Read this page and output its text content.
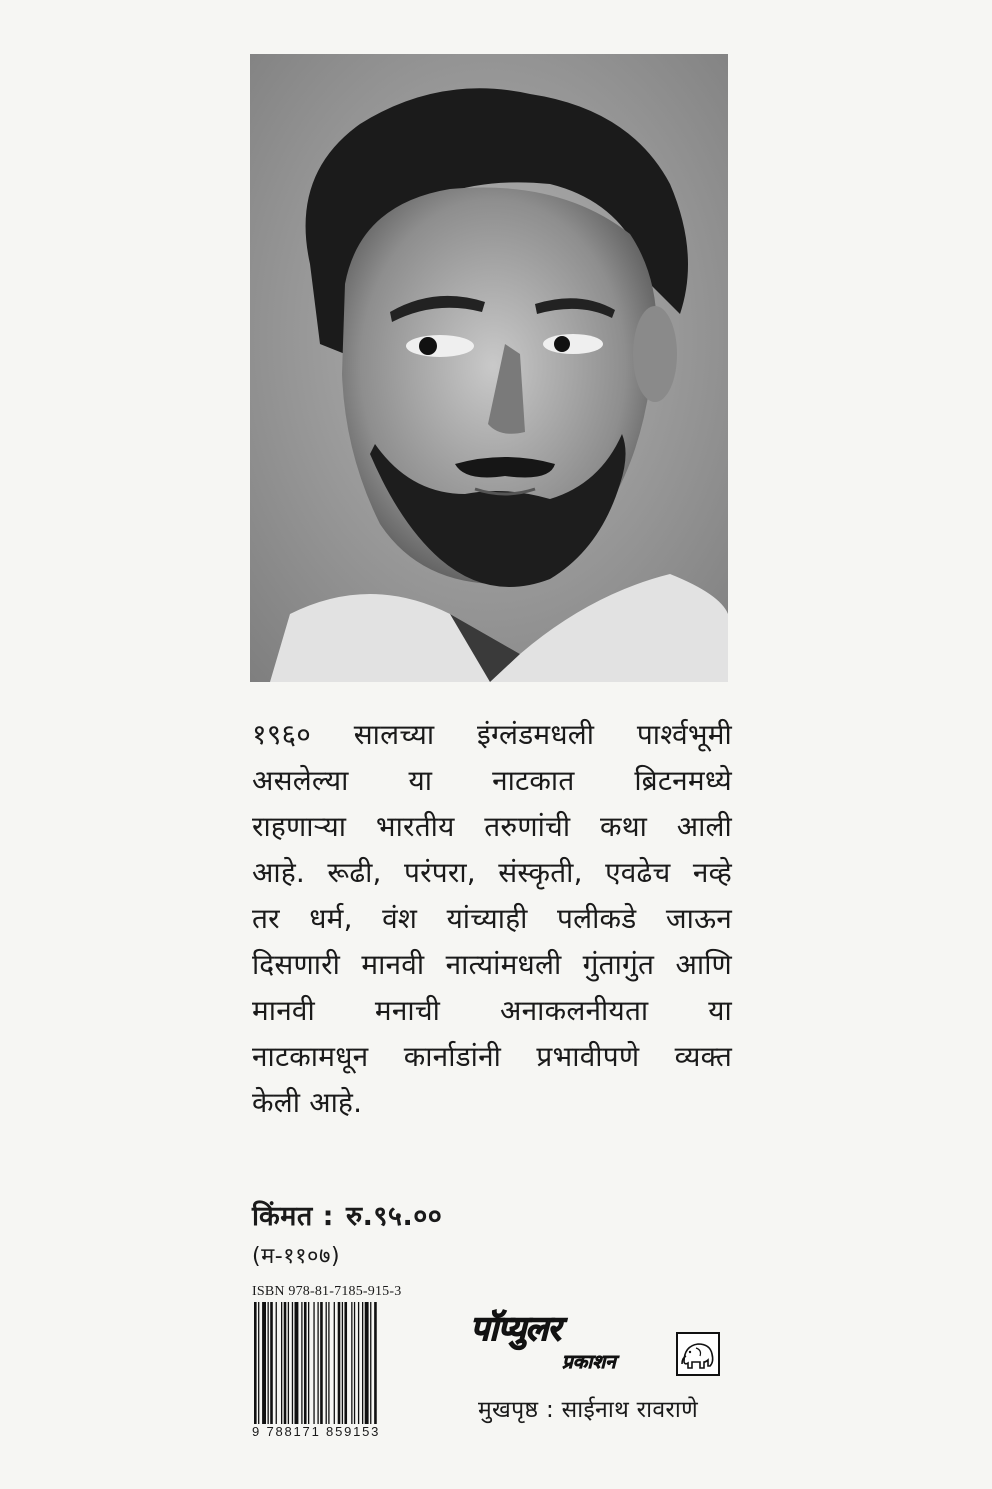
१९६० सालच्या इंग्लंडमधली पार्श्वभूमी
असलेल्या या नाटकात ब्रिटनमध्ये
राहणाऱ्या भारतीय तरुणांची कथा आली
आहे. रूढी, परंपरा, संस्कृती, एवढेच नव्हे
तर धर्म, वंश यांच्याही पलीकडे जाऊन
दिसणारी मानवी नात्यांमधली गुंतागुंत आणि
मानवी मनाची अनाकलनीयता या
नाटकामधून कार्नाडांनी प्रभावीपणे व्यक्त
केली आहे.
किंमत : रु.९५.००
(म-११०७)
ISBN 978-81-7185-915-3
9 788171 859153
पॉप्युलर
प्रकाशन
मुखपृष्ठ : साईनाथ रावराणे
